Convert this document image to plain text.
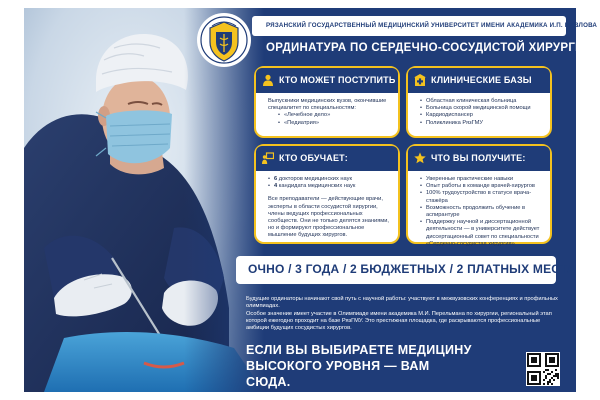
РЯЗАНСКИЙ ГОСУДАРСТВЕННЫЙ МЕДИЦИНСКИЙ УНИВЕРСИТЕТ ИМЕНИ АКАДЕМИКА И.П. ПАВЛОВА
ОРДИНАТУРА ПО СЕРДЕЧНО-СОСУДИСТОЙ ХИРУРГИИ
КТО МОЖЕТ ПОСТУПИТЬ
Выпускники медицинских вузов, окончившие специалитет по специальностям:
• «Лечебное дело»
• «Педиатрия»
КЛИНИЧЕСКИЕ БАЗЫ
• Областная клиническая больница
• Больница скорой медицинской помощи
• Кардиодиспансер
• Поликлиника РязГМУ
КТО ОБУЧАЕТ:
• 6 докторов медицинских наук
• 4 кандидата медицинских наук
Все преподаватели — действующие врачи, эксперты в области сосудистой хирургии, члены ведущих профессиональных сообществ. Они не только делятся знаниями, но и формируют профессиональное мышление будущих хирургов.
ЧТО ВЫ ПОЛУЧИТЕ:
• Уверенные практические навыки
• Опыт работы в команде врачей-хирургов
• 100% трудоустройство в статусе врача-стажёра
• Возможность продолжить обучение в аспирантуре
• Поддержку научной и диссертационной деятельности — в университете действует диссертационный совет по специальности «Сердечно-сосудистая хирургия»
ОЧНО / 3 ГОДА / 2 БЮДЖЕТНЫХ / 2 ПЛАТНЫХ МЕСТА

Будущие ординаторы начинают свой путь с научной работы: участвуют в межвузовских конференциях и профильных олимпиадах.

Особое значение имеет участие в Олимпиаде имени академика М.И. Перельмана по хирургии, региональный этап которой ежегодно проходит на базе РязГМУ. Это престижная площадка, где раскрываются профессиональные амбиции будущих сосудистых хирургов.

ЕСЛИ ВЫ ВЫБИРАЕТЕ МЕДИЦИНУ
ВЫСОКОГО УРОВНЯ — ВАМ СЮДА.
